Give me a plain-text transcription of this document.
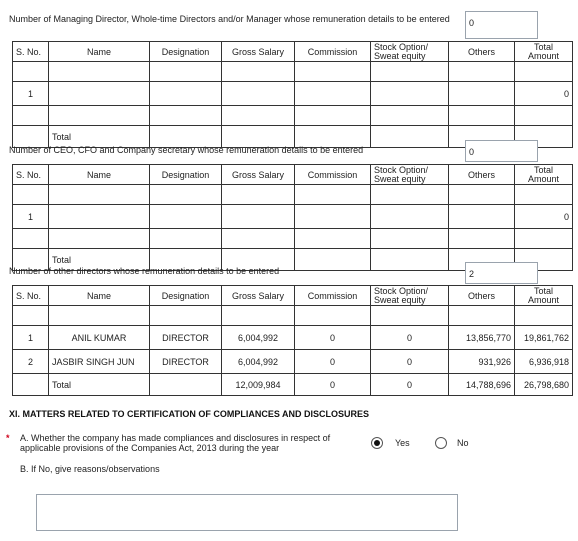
Number of Managing Director, Whole-time Directors and/or Manager whose remuneration details to be entered	0
S. No.	Name	Designation	Gross Salary	Commission	Stock Option/ Sweat equity	Others	Total Amount

1							0

	Total						
Number of CEO, CFO and Company secretary whose remuneration details to be entered	0
S. No.	Name	Designation	Gross Salary	Commission	Stock Option/ Sweat equity	Others	Total Amount

1							0

	Total						
Number of other directors whose remuneration details to be entered	2
S. No.	Name	Designation	Gross Salary	Commission	Stock Option/ Sweat equity	Others	Total Amount

1	ANIL KUMAR	DIRECTOR	6,004,992	0	0	13,856,770	19,861,762
2	JASBIR SINGH JUN	DIRECTOR	6,004,992	0	0	931,926	6,936,918
	Total		12,009,984	0	0	14,788,696	26,798,680
XI. MATTERS RELATED TO CERTIFICATION OF COMPLIANCES AND DISCLOSURES
*	A. Whether the company has made compliances and disclosures in respect of applicable provisions of the Companies Act, 2013 during the year	Yes	No
B. If No, give reasons/observations
